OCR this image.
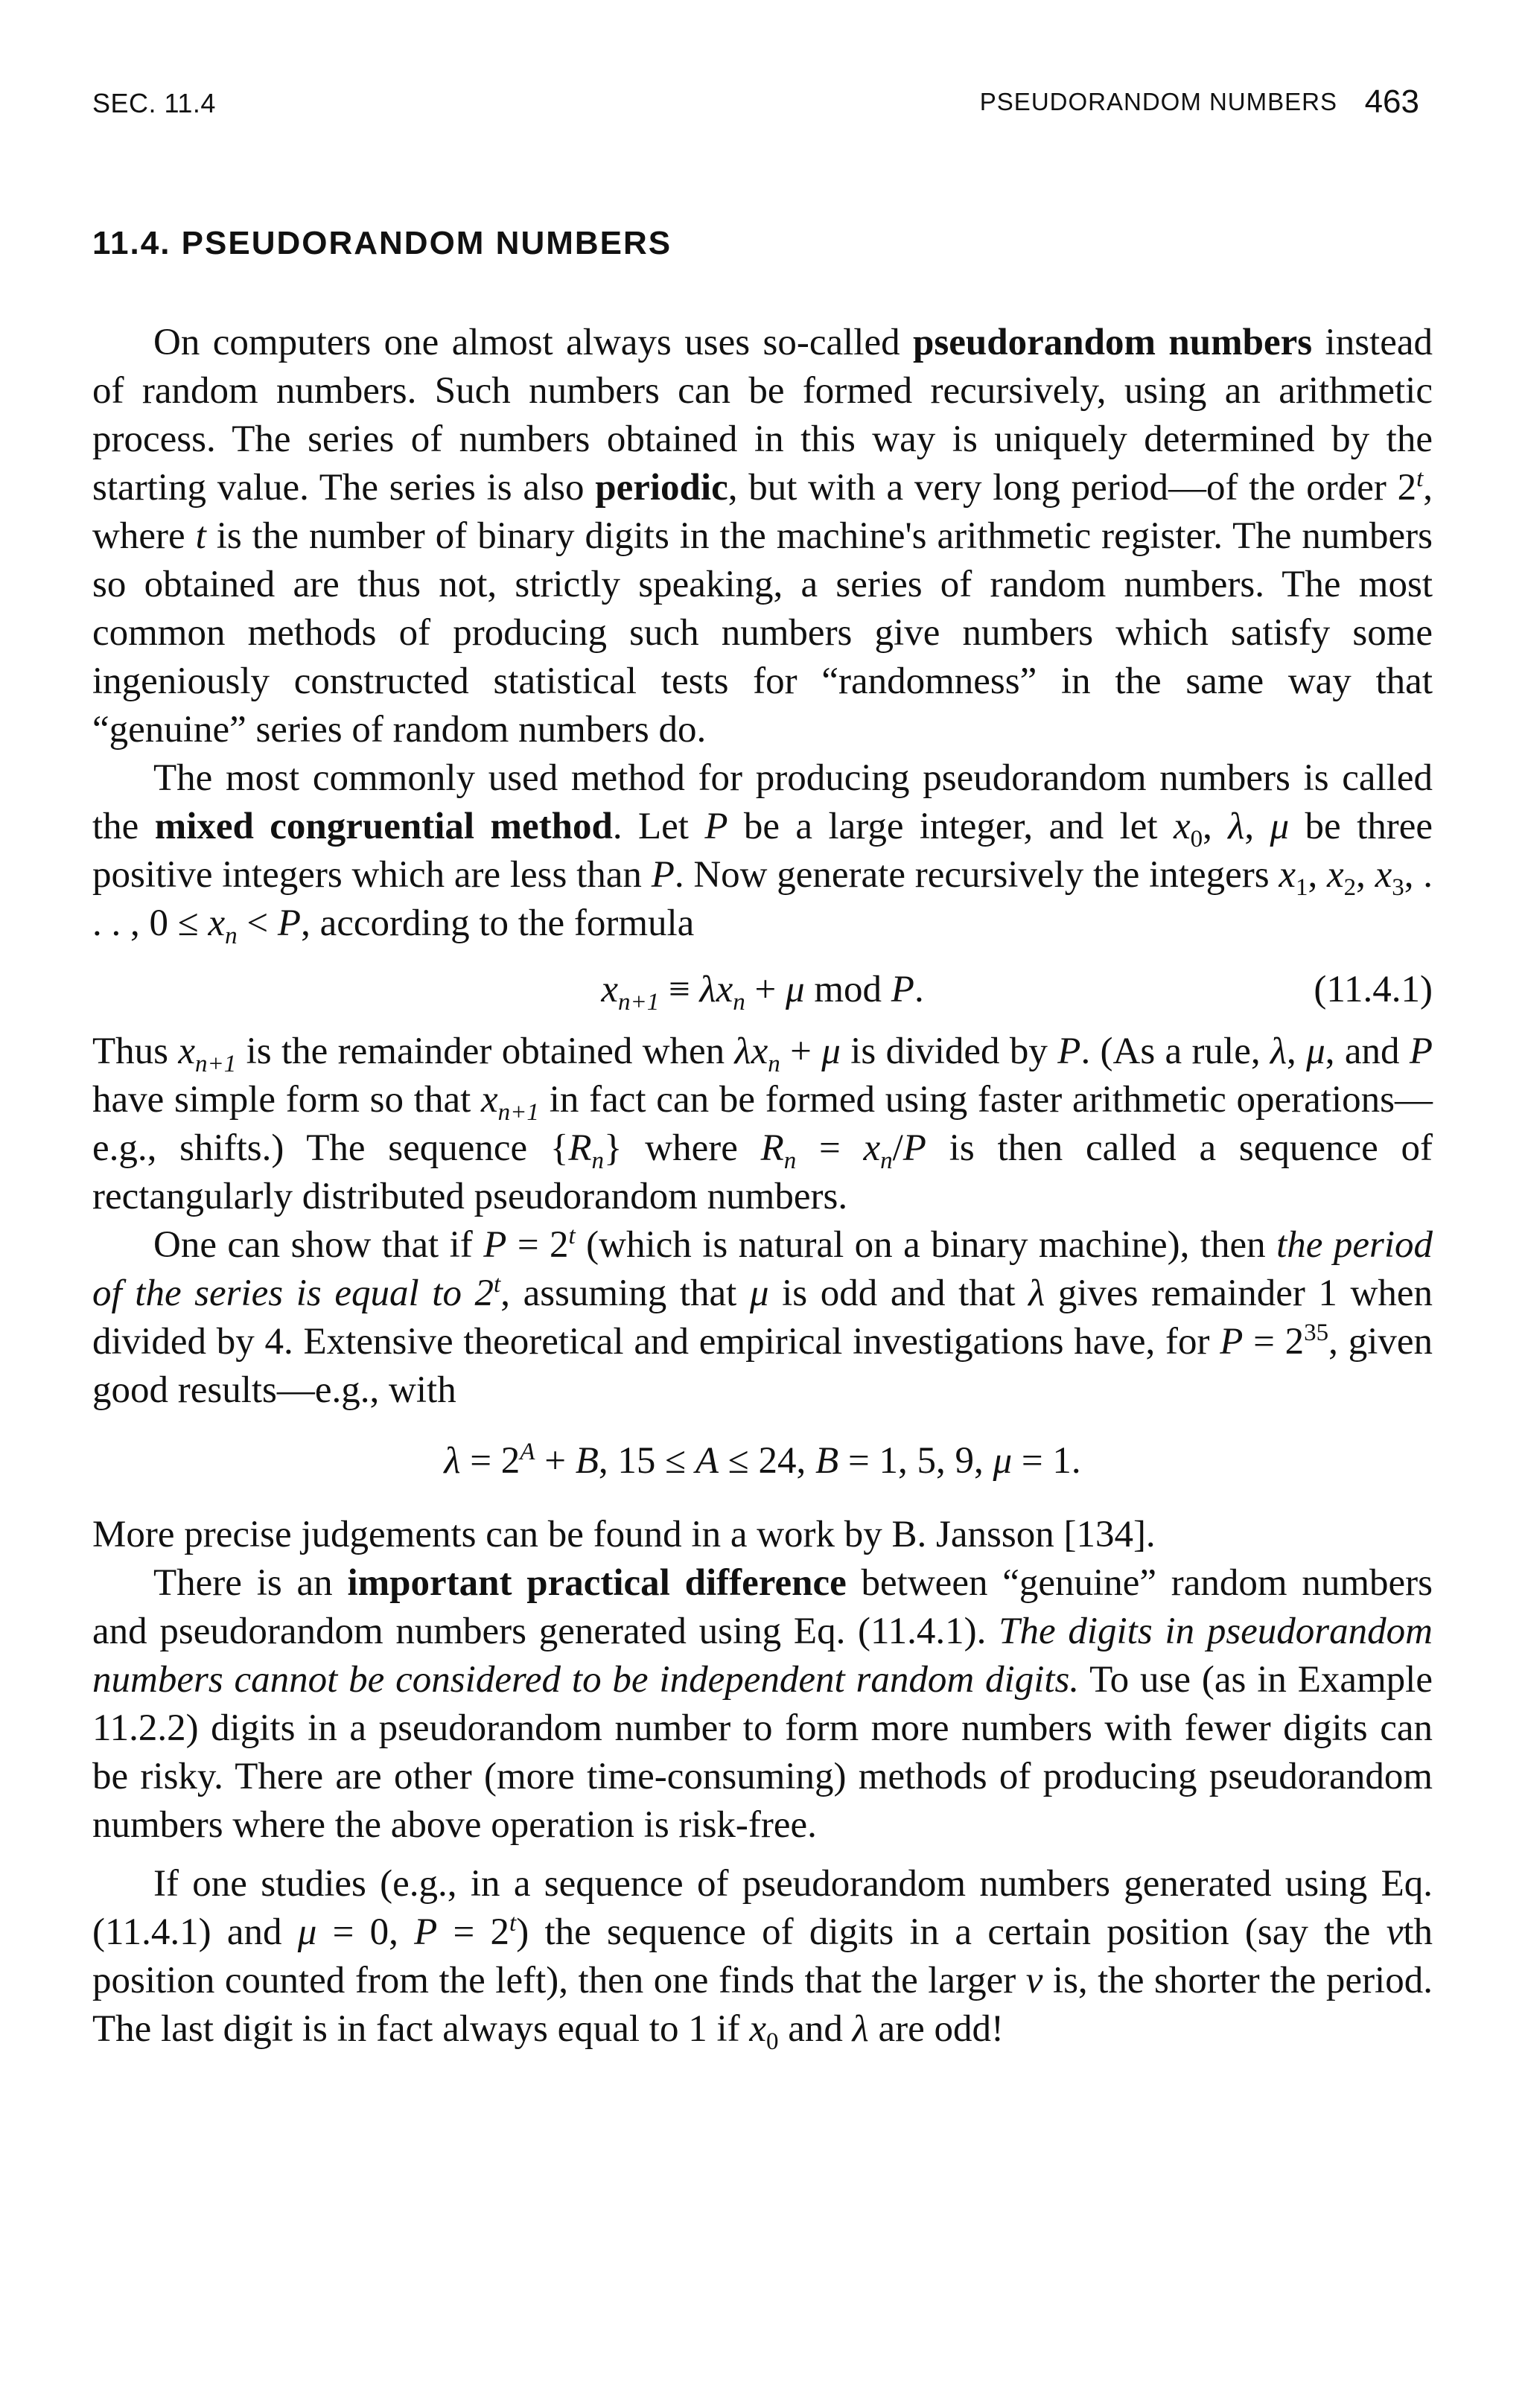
SEC. 11.4	PSEUDORANDOM NUMBERS 463
11.4. PSEUDORANDOM NUMBERS

On computers one almost always uses so-called pseudorandom numbers instead of random numbers. Such numbers can be formed recursively, using an arithmetic process. The series of numbers obtained in this way is uniquely determined by the starting value. The series is also periodic, but with a very long period—of the order 2$^t$, where t is the number of binary digits in the machine's arithmetic register. The numbers so obtained are thus not, strictly speaking, a series of random numbers. The most common methods of producing such numbers give numbers which satisfy some ingeniously constructed statistical tests for “randomness” in the same way that “genuine” series of random numbers do.

The most commonly used method for producing pseudorandom numbers is called the mixed congruential method. Let P be a large integer, and let $x_0$, λ, μ be three positive integers which are less than P. Now generate recursively the integers $x_1$, $x_2$, $x_3$, . . . , $0 \le x_n < P$, according to the formula

$x_{n+1} \equiv \lambda x_n + \mu$ mod P.	(11.4.1)

Thus $x_{n+1}$ is the remainder obtained when $\lambda x_n + \mu$ is divided by P. (As a rule, λ, μ, and P have simple form so that $x_{n+1}$ in fact can be formed using faster arithmetic operations—e.g., shifts.) The sequence $\{R_n\}$ where $R_n = x_n/P$ is then called a sequence of rectangularly distributed pseudorandom numbers.

One can show that if $P = 2^t$ (which is natural on a binary machine), then the period of the series is equal to 2$^t$, assuming that μ is odd and that λ gives remainder 1 when divided by 4. Extensive theoretical and empirical investigations have, for $P = 2^{35}$, given good results—e.g., with

$\lambda = 2^A + B$, 15 ≤ A ≤ 24, B = 1, 5, 9, μ = 1.

More precise judgements can be found in a work by B. Jansson [134].

There is an important practical difference between “genuine” random numbers and pseudorandom numbers generated using Eq. (11.4.1). The digits in pseudorandom numbers cannot be considered to be independent random digits. To use (as in Example 11.2.2) digits in a pseudorandom number to form more numbers with fewer digits can be risky. There are other (more time-consuming) methods of producing pseudorandom numbers where the above operation is risk-free.

If one studies (e.g., in a sequence of pseudorandom numbers generated using Eq. (11.4.1) and μ = 0, $P = 2^t$) the sequence of digits in a certain position (say the vth position counted from the left), then one finds that the larger v is, the shorter the period. The last digit is in fact always equal to 1 if $x_0$ and λ are odd!
